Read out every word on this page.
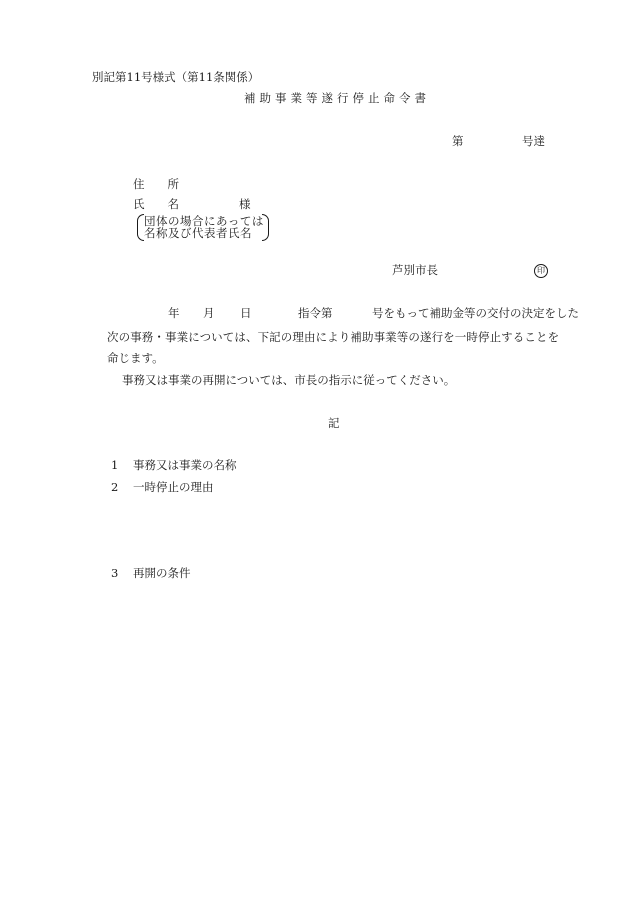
別記第11号様式（第11条関係）
補助事業等遂行停止命令書
第	号達
住　　所
氏　　名	様
団体の場合にあっては
名称及び代表者氏名
芦別市長	印
年 月 日	指令第	号をもって補助金等の交付の決定をした
次の事務・事業については、下記の理由により補助事業等の遂行を一時停止することを
命じます。
事務又は事業の再開については、市長の指示に従ってください。
記
1 事務又は事業の名称
2 一時停止の理由
3 再開の条件
